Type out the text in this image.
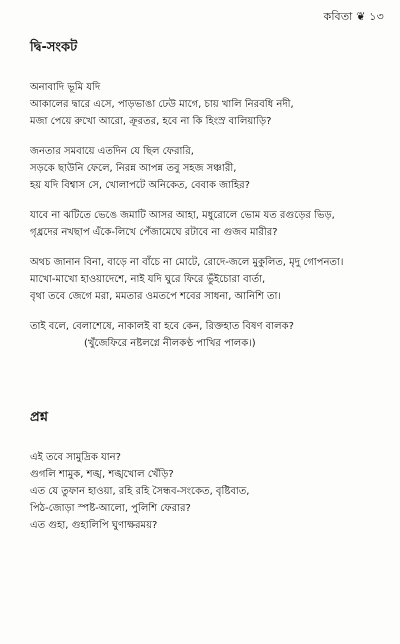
কবিতা ❦ ১৩
দ্বি-সংকট
অনাবাদি ভূমি যদি
আকালের দ্বারে এসে, পাড়ভাঙা ঢেউ মাগে, চায় খালি নিরবধি নদী,
মজা পেয়ে রুখো আরো, ক্রূরতর, হবে না কি হিংস্র বালিয়াড়ি?
জনতার সমবায়ে এতদিন যে ছিল ফেরারি,
সড়কে ছাউনি ফেলে, নিরন্ন আপন্ন তবু সহজ সঞ্চারী,
হয় যদি বিশ্বাস সে, খোলাপটে অনিকেত, বেবাক জাহির?
যাবে না ঝটিতে ভেঙে জমাটি আসর আহা, মধুরোলে ভোম যত রগুড়ের ভিড়,
গৃধ্রদের নখছাপ এঁকে-লিখে পেঁজামেঘে রটাবে না গুজব মারীর?
অথচ জানান বিনা, বাড়ে না বাঁচে না মোটে, রোদে-জলে মুকুলিত, মৃদু গোপনতা।
মাখো-মাখো হাওয়াদেশে, নাই যদি ঘুরে ফিরে ভুঁইচোরা বার্তা,
বৃথা তবে জেগে মরা, মমতার ওমতপে শবের সাধনা, আনিশি তা।
তাই বলে, বেলাশেষে, নাকালই বা হবে কেন, রিক্তহাত বিষণ বালক?
(খুঁজেফিরে নষ্টলগ্নে নীলকণ্ঠ পাখির পালক।)
প্রশ্ন
এই তবে সামুদ্রিক যান?
গুগলি শামুক, শঙ্খ, শঙ্খখোল খেঁড়ি?
এত যে তুফান হাওয়া, রহি রহি সৈন্ধব-সংকেত, বৃষ্টিবাত,
পিঠ-জোড়া স্পষ্ট-আলো, পুলিশি ফেরার?
এত গুহা, গুহালিপি ঘুণাক্ষরময়?
